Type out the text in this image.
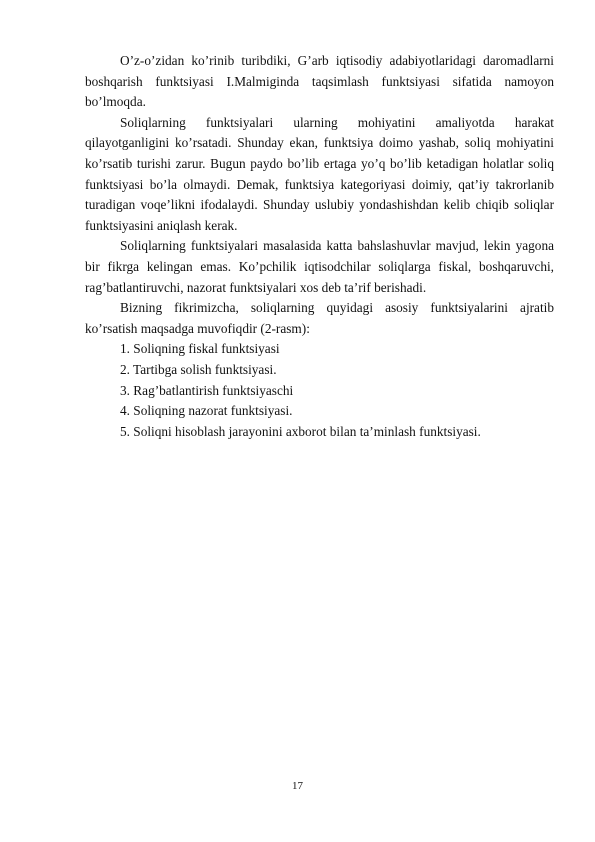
O’z-o’zidan ko’rinib turibdiki, G’arb iqtisodiy adabiyotlaridagi daromadlarni boshqarish funktsiyasi I.Malmiginda taqsimlash funktsiyasi sifatida namoyon bo’lmoqda.

Soliqlarning funktsiyalari ularning mohiyatini amaliyotda harakat qilayotganligini ko’rsatadi. Shunday ekan, funktsiya doimo yashab, soliq mohiyatini ko’rsatib turishi zarur. Bugun paydo bo’lib ertaga yo’q bo’lib ketadigan holatlar soliq funktsiyasi bo’la olmaydi. Demak, funktsiya kategoriyasi doimiy, qat’iy takrorlanib turadigan voqe’likni ifodalaydi. Shunday uslubiy yondashishdan kelib chiqib soliqlar funktsiyasini aniqlash kerak.

Soliqlarning funktsiyalari masalasida katta bahslashuvlar mavjud, lekin yagona bir fikrga kelingan emas. Ko’pchilik iqtisodchilar soliqlarga fiskal, boshqaruvchi, rag’batlantiruvchi, nazorat funktsiyalari xos deb ta’rif berishadi.

Bizning fikrimizcha, soliqlarning quyidagi asosiy funktsiyalarini ajratib ko’rsatish maqsadga muvofiqdir (2-rasm):

1. Soliqning fiskal funktsiyasi

2. Tartibga solish funktsiyasi.

3. Rag’batlantirish funktsiyaschi

4. Soliqning nazorat funktsiyasi.

5. Soliqni hisoblash jarayonini axborot bilan ta’minlash funktsiyasi.

17
